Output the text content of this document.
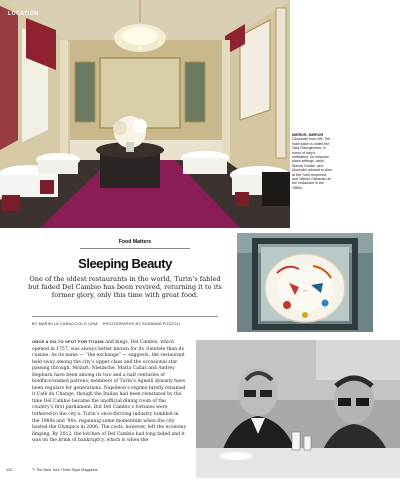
LOCATION
MIRROR, MIRROR
Clockwise from left: The main salon is called the Sala Risorgimento, in honor of Italy’s unification; for bespoke place settings, artist Marina Giudici, who Mussolini allowed to dine at the Turin reopened; and Vittorio Gassman at the restaurant in the 1960s.
Food Matters
Sleeping Beauty
One of the oldest restaurants in the world, Turin’s fabled but faded Del Cambio has been revived, returning it to its former glory, only this time with great food.
BY MARIELLA CARACCIOLO CHIA PHOTOGRAPHS BY SUSANNA POZZOLI
ONCE A GO-TO SPOT FOR TITANS and kings, Del Cambio, which opened in 1757, was always better known for its clientele than its cuisine. As its name — “the exchange” — suggests, the restaurant held sway among the city’s upper class and the occasional star passing through. Mozart, Nietzsche, Maria Callas and Audrey Hepburn have been among its two and a half centuries of boldface-named patrons; members of Turin’s Agnelli dynasty have been regulars for generations. Napoleon’s regime briefly renamed it Café du Change, though the Italian had been reinstated by the time Del Cambio became the unofficial dining room of the country’s first parliament. But Del Cambio’s fortunes were tethered to the city’s. Turin’s once-thriving industry tumbled in the 1980s and ’90s, regaining some momentum when the city hosted the Olympics in 2006. The costs, however, left the economy limping. By 2012, the kitchen of Del Cambio had long faded and it was on the brink of bankruptcy, which is when the
~
120	T: The New York Times Style Magazine
